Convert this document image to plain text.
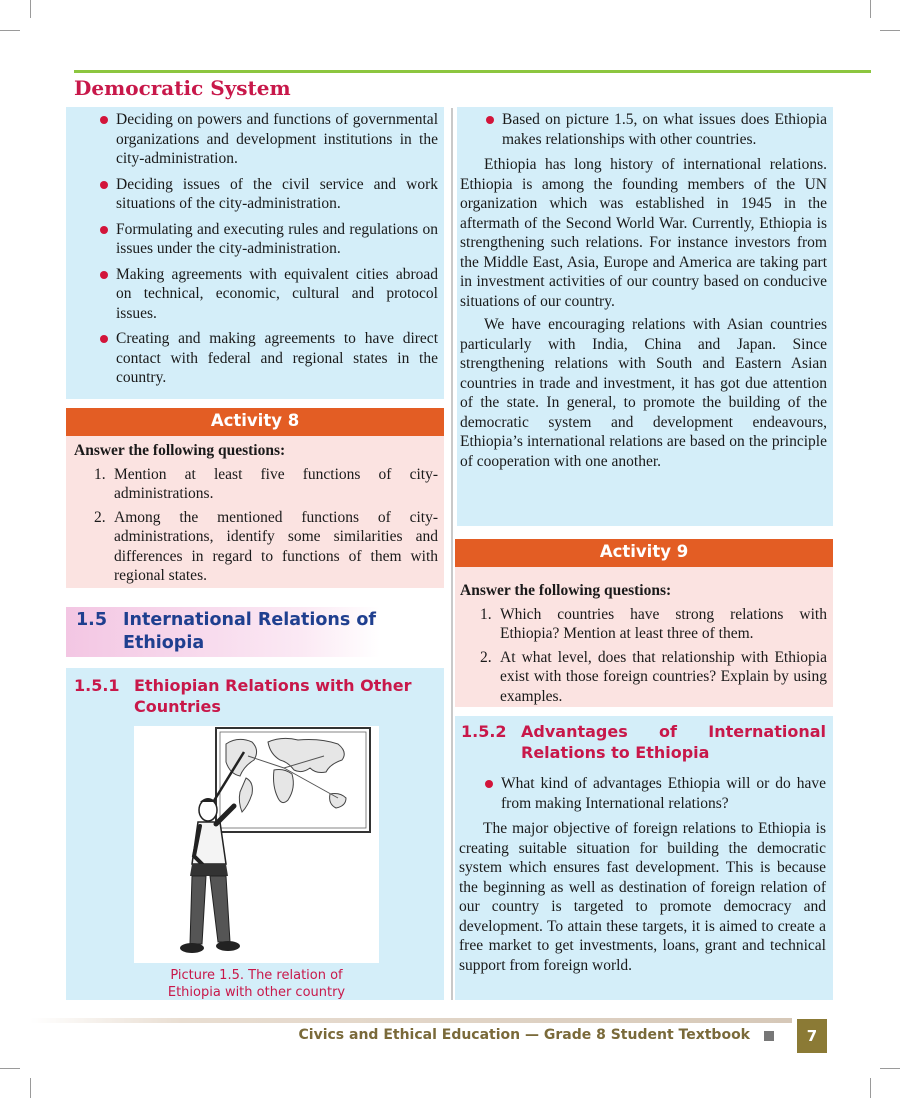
Democratic System
Deciding on powers and functions of governmental organizations and development institutions in the city-administration.
Deciding issues of the civil service and work situations of the city-administration.
Formulating and executing rules and regulations on issues under the city-administration.
Making agreements with equivalent cities abroad on technical, economic, cultural and protocol issues.
Creating and making agreements to have direct contact with federal and regional states in the country.
Activity 8
Answer the following questions:
1. Mention at least five functions of city-administrations.
2. Among the mentioned functions of city-administrations, identify some similarities and differences in regard to functions of them with regional states.
1.5 International Relations of
Ethiopia
1.5.1 Ethiopian Relations with Other
Countries
Picture 1.5. The relation of
Ethiopia with other country
Based on picture 1.5, on what issues does Ethiopia makes relationships with other countries.

Ethiopia has long history of international relations. Ethiopia is among the founding members of the UN organization which was established in 1945 in the aftermath of the Second World War. Currently, Ethiopia is strengthening such relations. For instance investors from the Middle East, Asia, Europe and America are taking part in investment activities of our country based on conducive situations of our country.

We have encouraging relations with Asian countries particularly with India, China and Japan. Since strengthening relations with South and Eastern Asian countries in trade and investment, it has got due attention of the state. In general, to promote the building of the democratic system and development endeavours, Ethiopia’s international relations are based on the principle of cooperation with one another.

Activity 9
Answer the following questions:
1. Which countries have strong relations with Ethiopia? Mention at least three of them.
2. At what level, does that relationship with Ethiopia exist with those foreign countries? Explain by using examples.
1.5.2 Advantages of International
Relations to Ethiopia
What kind of advantages Ethiopia will or do have from making International relations?

The major objective of foreign relations to Ethiopia is creating suitable situation for building the democratic system which ensures fast development. This is because the beginning as well as destination of foreign relation of our country is targeted to promote democracy and development. To attain these targets, it is aimed to create a free market to get investments, loans, grant and technical support from foreign world.

Civics and Ethical Education — Grade 8 Student Textbook	7
